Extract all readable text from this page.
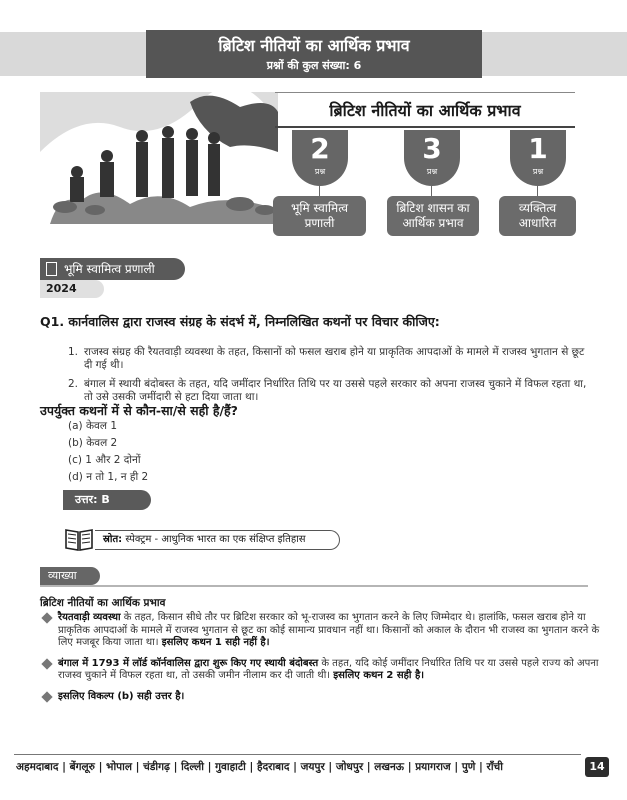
ब्रिटिश नीतियों का आर्थिक प्रभाव
प्रश्नों की कुल संख्या: 6
ब्रिटिश नीतियों का आर्थिक प्रभाव
2
प्रश्न
भूमि स्वामित्व
प्रणाली
3
प्रश्न
ब्रिटिश शासन का
आर्थिक प्रभाव
1
प्रश्न
व्यक्तित्व
आधारित
भूमि स्वामित्व प्रणाली
2024
Q1. कार्नवालिस द्वारा राजस्व संग्रह के संदर्भ में, निम्नलिखित कथनों पर विचार कीजिए:
1. राजस्व संग्रह की रैयतवाड़ी व्यवस्था के तहत, किसानों को फसल खराब होने या प्राकृतिक आपदाओं के मामले में राजस्व भुगतान से छूट दी गई थी।
2. बंगाल में स्थायी बंदोबस्त के तहत, यदि जमींदार निर्धारित तिथि पर या उससे पहले सरकार को अपना राजस्व चुकाने में विफल रहता था, तो उसे उसकी जमींदारी से हटा दिया जाता था।
उपर्युक्त कथनों में से कौन-सा/से सही है/हैं?
(a) केवल 1
(b) केवल 2
(c) 1 और 2 दोनों
(d) न तो 1, न ही 2
उत्तर: B
स्रोत: स्पेक्ट्रम - आधुनिक भारत का एक संक्षिप्त इतिहास
व्याख्या
ब्रिटिश नीतियों का आर्थिक प्रभाव
रैयतवाड़ी व्यवस्था के तहत, किसान सीधे तौर पर ब्रिटिश सरकार को भू-राजस्व का भुगतान करने के लिए जिम्मेदार थे। हालांकि, फसल खराब होने या प्राकृतिक आपदाओं के मामले में राजस्व भुगतान से छूट का कोई सामान्य प्रावधान नहीं था। किसानों को अकाल के दौरान भी राजस्व का भुगतान करने के लिए मजबूर किया जाता था। इसलिए कथन 1 सही नहीं है।
बंगाल में 1793 में लॉर्ड कॉर्नवालिस द्वारा शुरू किए गए स्थायी बंदोबस्त के तहत, यदि कोई जमींदार निर्धारित तिथि पर या उससे पहले राज्य को अपना राजस्व चुकाने में विफल रहता था, तो उसकी जमीन नीलाम कर दी जाती थी। इसलिए कथन 2 सही है।
इसलिए विकल्प (b) सही उत्तर है।
अहमदाबाद | बेंगलूरु | भोपाल | चंडीगढ़ | दिल्ली | गुवाहाटी | हैदराबाद | जयपुर | जोधपुर | लखनऊ | प्रयागराज | पुणे | राँची	14
